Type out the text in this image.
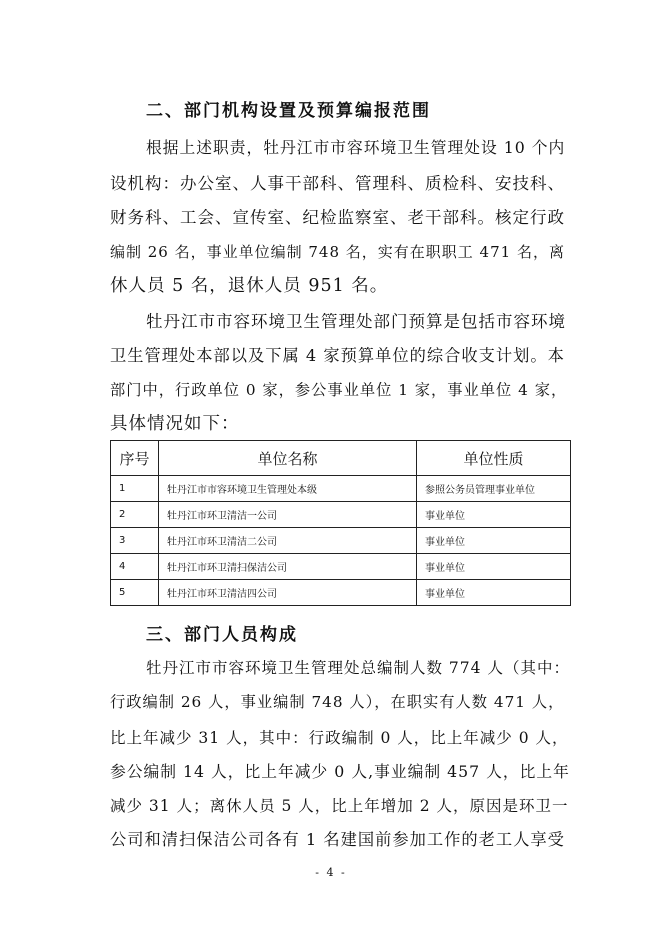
二、部门机构设置及预算编报范围
根据上述职责，牡丹江市市容环境卫生管理处设 10 个内
设机构：办公室、人事干部科、管理科、质检科、安技科、
财务科、工会、宣传室、纪检监察室、老干部科。核定行政
编制 26 名，事业单位编制 748 名，实有在职职工 471 名，离
休人员 5 名，退休人员 951 名。
牡丹江市市容环境卫生管理处部门预算是包括市容环境
卫生管理处本部以及下属 4 家预算单位的综合收支计划。本
部门中，行政单位 0 家，参公事业单位 1 家，事业单位 4 家，
具体情况如下：
序号	单位名称	单位性质
1	牡丹江市市容环境卫生管理处本级	参照公务员管理事业单位
2	牡丹江市环卫清洁一公司	事业单位
3	牡丹江市环卫清洁二公司	事业单位
4	牡丹江市环卫清扫保洁公司	事业单位
5	牡丹江市环卫清洁四公司	事业单位
三、部门人员构成
牡丹江市市容环境卫生管理处总编制人数 774 人（其中：
行政编制 26 人，事业编制 748 人），在职实有人数 471 人，
比上年减少 31 人，其中：行政编制 0 人，比上年减少 0 人，
参公编制 14 人，比上年减少 0 人,事业编制 457 人，比上年
减少 31 人；离休人员 5 人，比上年增加 2 人，原因是环卫一
公司和清扫保洁公司各有 1 名建国前参加工作的老工人享受
- 4 -
